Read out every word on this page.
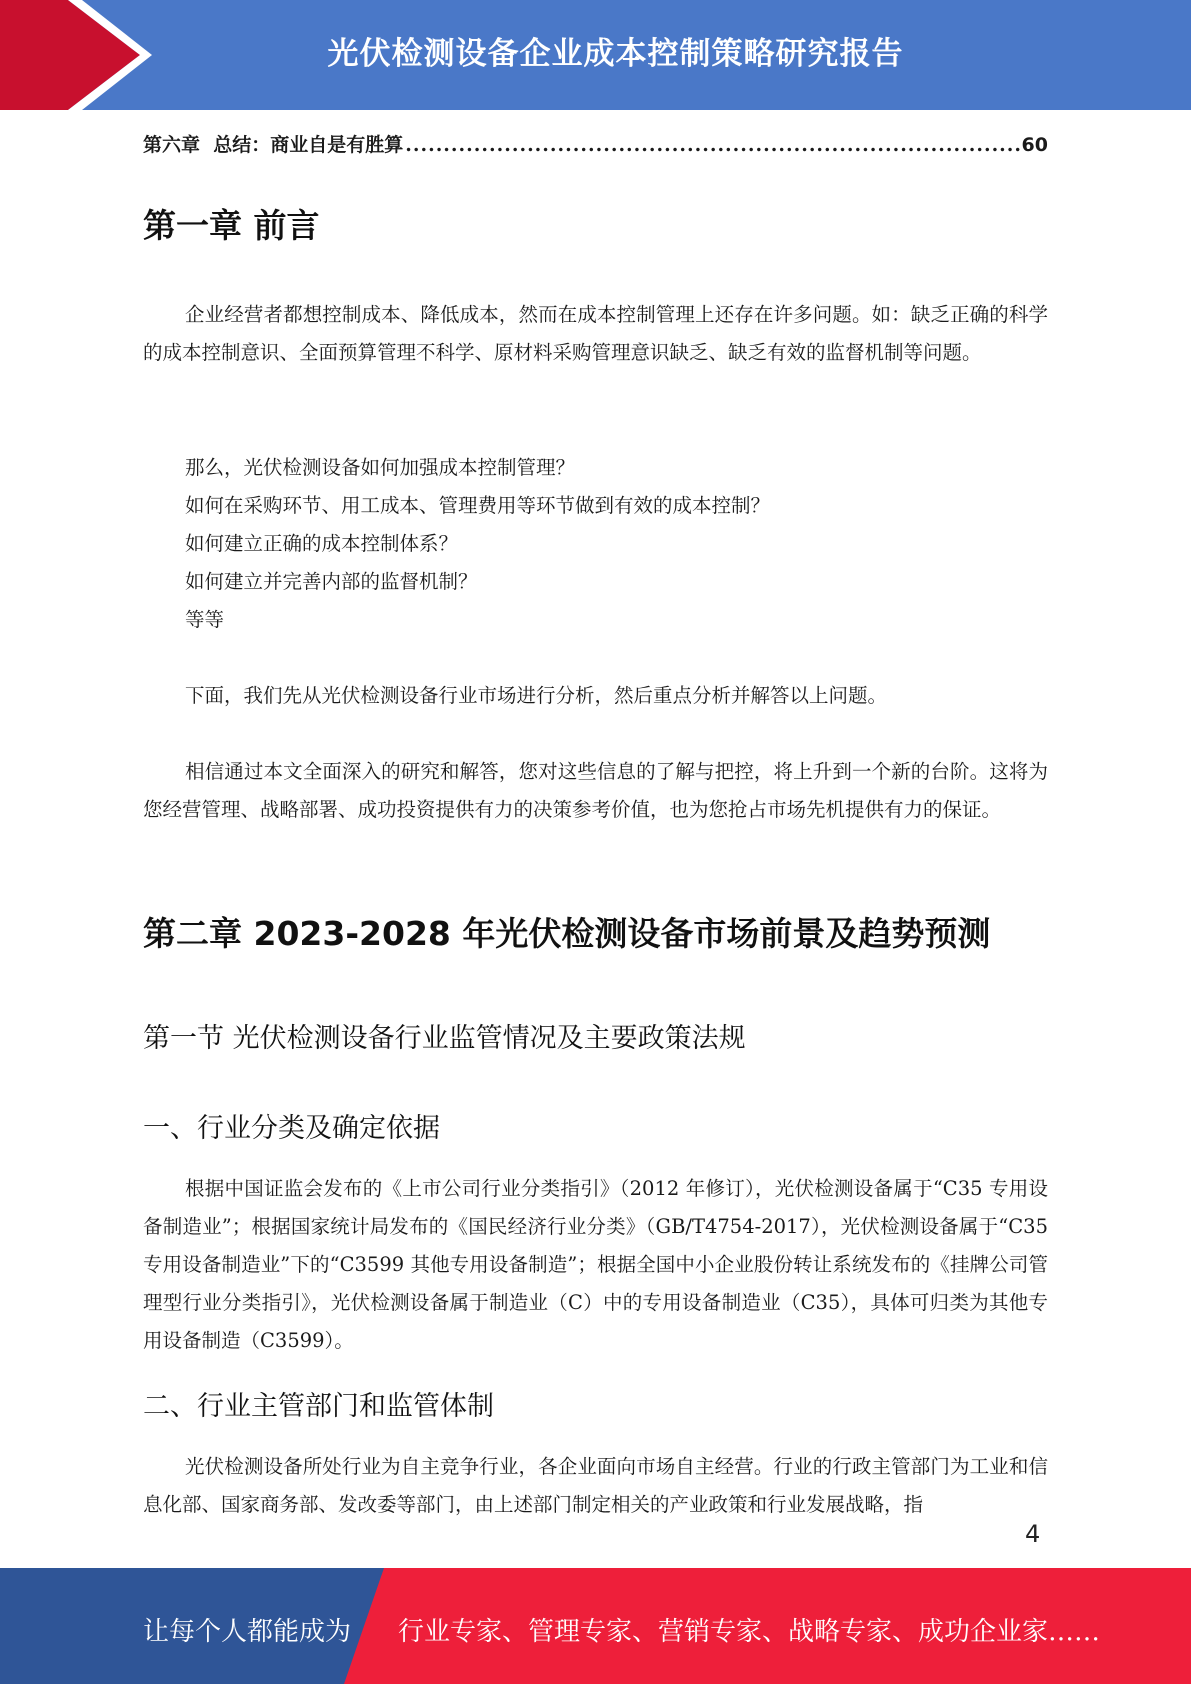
光伏检测设备企业成本控制策略研究报告
第六章  总结：商业自是有胜算
.....	60
第一章 前言

企业经营者都想控制成本、降低成本，然而在成本控制管理上还存在许多问题。如：缺乏正确的科学的成本控制意识、全面预算管理不科学、原材料采购管理意识缺乏、缺乏有效的监督机制等问题。

那么，光伏检测设备如何加强成本控制管理？
如何在采购环节、用工成本、管理费用等环节做到有效的成本控制？
如何建立正确的成本控制体系？
如何建立并完善内部的监督机制？
等等

下面，我们先从光伏检测设备行业市场进行分析，然后重点分析并解答以上问题。

相信通过本文全面深入的研究和解答，您对这些信息的了解与把控，将上升到一个新的台阶。这将为您经营管理、战略部署、成功投资提供有力的决策参考价值，也为您抢占市场先机提供有力的保证。

第二章 2023-2028 年光伏检测设备市场前景及趋势预测
第一节 光伏检测设备行业监管情况及主要政策法规
一、行业分类及确定依据

根据中国证监会发布的《上市公司行业分类指引》（2012 年修订），光伏检测设备属于“C35 专用设备制造业”；根据国家统计局发布的《国民经济行业分类》（GB/T4754-2017），光伏检测设备属于“C35 专用设备制造业”下的“C3599 其他专用设备制造”；根据全国中小企业股份转让系统发布的《挂牌公司管理型行业分类指引》，光伏检测设备属于制造业（C）中的专用设备制造业（C35），具体可归类为其他专用设备制造（C3599）。

二、行业主管部门和监管体制

光伏检测设备所处行业为自主竞争行业，各企业面向市场自主经营。行业的行政主管部门为工业和信息化部、国家商务部、发改委等部门，由上述部门制定相关的产业政策和行业发展战略，指

4
让每个人都能成为 行业专家、管理专家、营销专家、战略专家、成功企业家……
